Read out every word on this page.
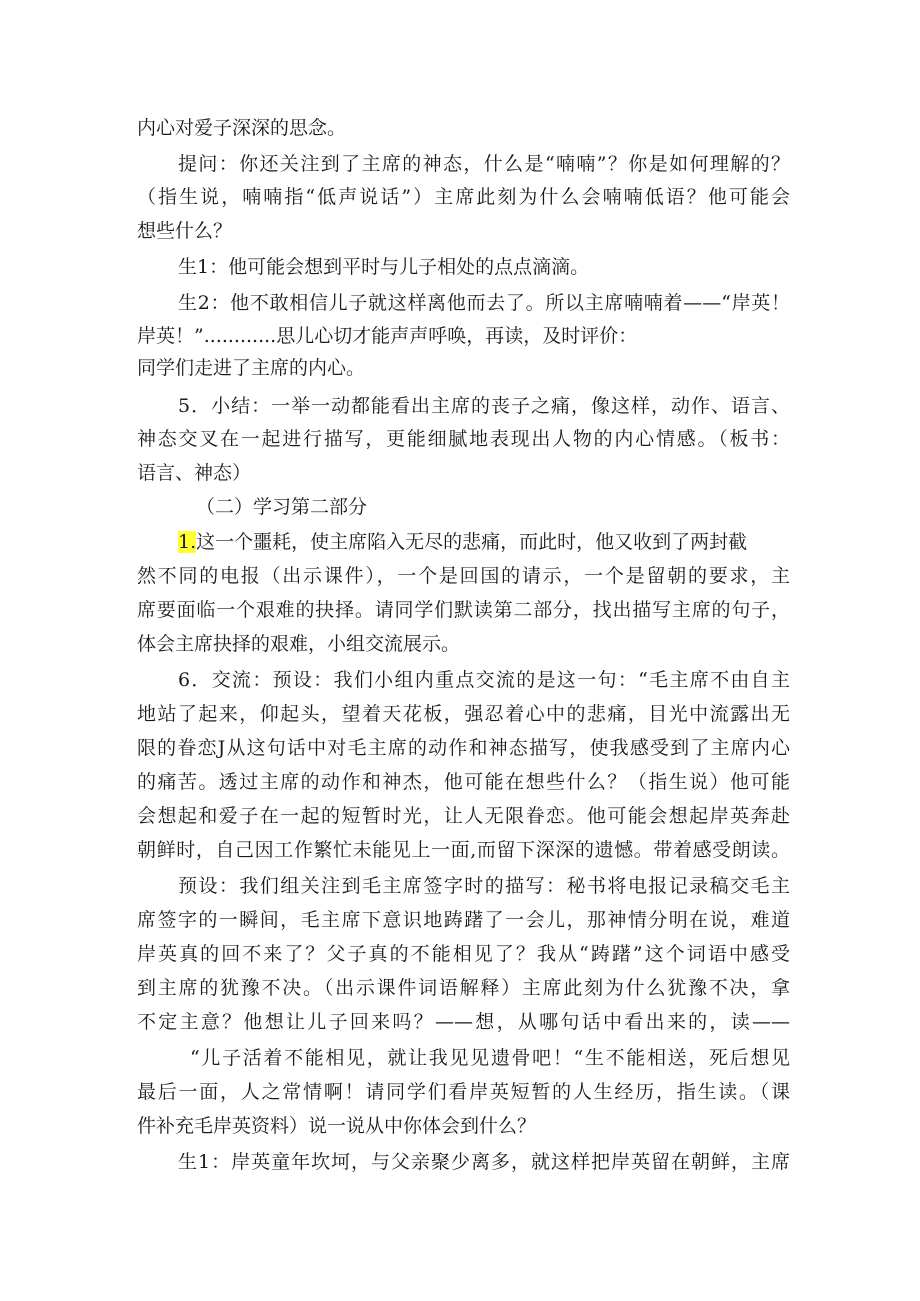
内心对爱子深深的思念。
提问：你还关注到了主席的神态，什么是“喃喃”？你是如何理解的？
（指生说，喃喃指“低声说话”）主席此刻为什么会喃喃低语？他可能会
想些什么？
生1：他可能会想到平时与儿子相处的点点滴滴。
生2：他不敢相信儿子就这样离他而去了。所以主席喃喃着——“岸英！
岸英！”............思儿心切才能声声呼唤，再读，及时评价：
同学们走进了主席的内心。
5．小结：一举一动都能看出主席的丧子之痛，像这样，动作、语言、
神态交叉在一起进行描写，更能细腻地表现出人物的内心情感。（板书：
语言、神态）
（二）学习第二部分
1.这一个噩耗，使主席陷入无尽的悲痛，而此时，他又收到了两封截
然不同的电报（出示课件），一个是回国的请示，一个是留朝的要求，主
席要面临一个艰难的抉择。请同学们默读第二部分，找出描写主席的句子，
体会主席抉择的艰难，小组交流展示。
6．交流：预设：我们小组内重点交流的是这一句：“毛主席不由自主
地站了起来，仰起头，望着天花板，强忍着心中的悲痛，目光中流露出无
限的眷恋J从这句话中对毛主席的动作和神态描写，使我感受到了主席内心
的痛苦。透过主席的动作和神杰，他可能在想些什么？（指生说）他可能
会想起和爱子在一起的短暂时光，让人无限眷恋。他可能会想起岸英奔赴
朝鲜时，自己因工作繁忙未能见上一面,而留下深深的遗憾。带着感受朗读。
预设：我们组关注到毛主席签字时的描写：秘书将电报记录稿交毛主
席签字的一瞬间，毛主席下意识地踌躇了一会儿，那神情分明在说，难道
岸英真的回不来了？父子真的不能相见了？我从“踌躇”这个词语中感受
到主席的犹豫不决。（出示课件词语解释）主席此刻为什么犹豫不决，拿
不定主意？他想让儿子回来吗？——想，从哪句话中看出来的，读——
“儿子活着不能相见，就让我见见遗骨吧！“生不能相送，死后想见
最后一面，人之常情啊！请同学们看岸英短暂的人生经历，指生读。（课
件补充毛岸英资料）说一说从中你体会到什么？
生1：岸英童年坎坷，与父亲聚少离多，就这样把岸英留在朝鲜，主席
